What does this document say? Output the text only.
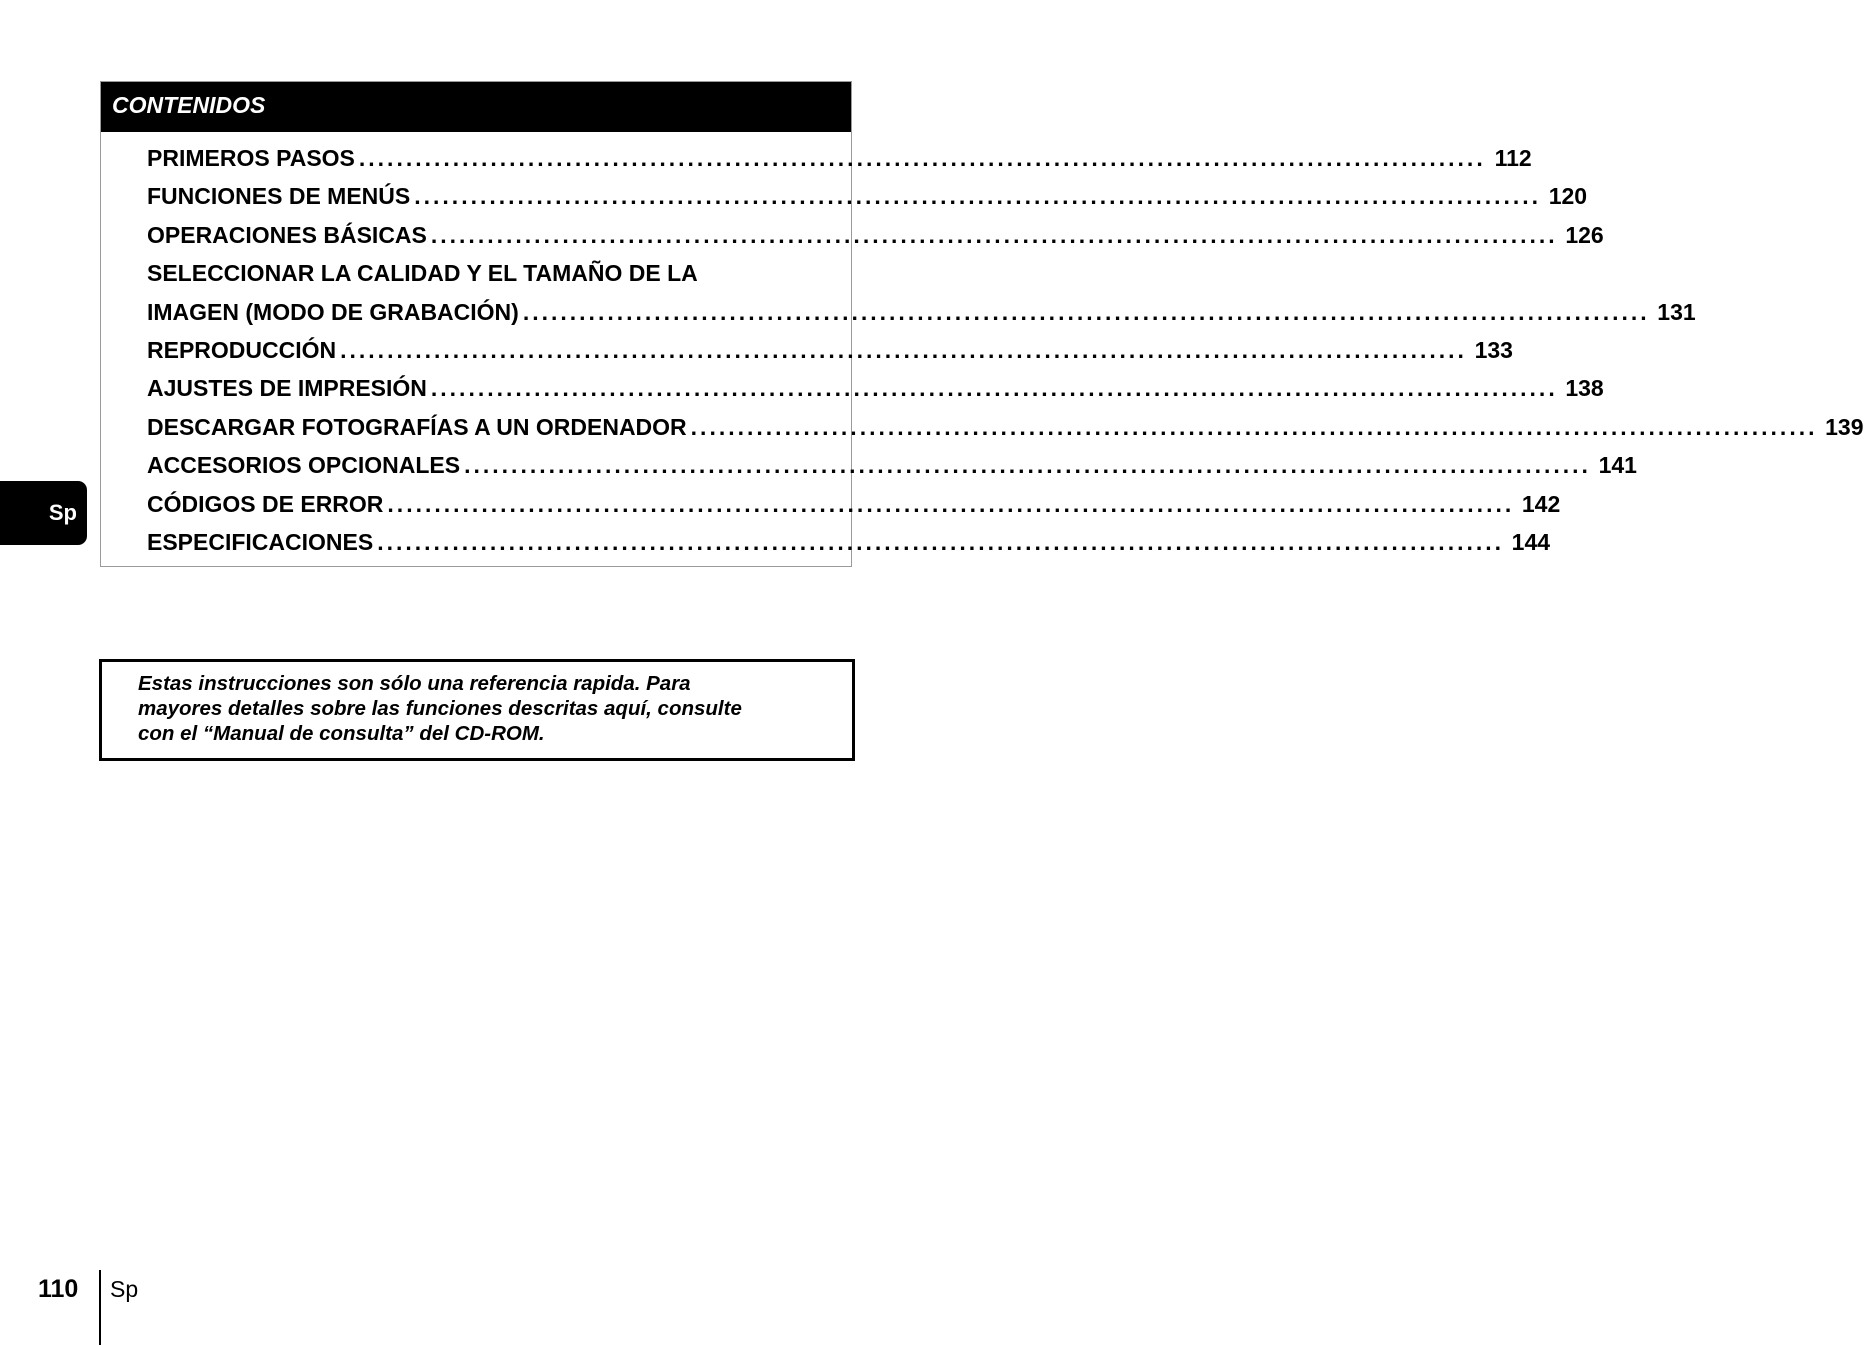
CONTENIDOS
PRIMEROS PASOS ........................................................................................................................ 112
FUNCIONES DE MENÚS ........................................................................................................................ 120
OPERACIONES BÁSICAS ........................................................................................................................ 126
SELECCIONAR LA CALIDAD Y EL TAMAÑO DE LA
IMAGEN (MODO DE GRABACIÓN) ........................................................................................................................ 131
REPRODUCCIÓN ........................................................................................................................ 133
AJUSTES DE IMPRESIÓN ........................................................................................................................ 138
DESCARGAR FOTOGRAFÍAS A UN ORDENADOR ........................................................................................................................ 139
ACCESORIOS OPCIONALES ........................................................................................................................ 141
CÓDIGOS DE ERROR ........................................................................................................................ 142
ESPECIFICACIONES ........................................................................................................................ 144
Sp
Estas instrucciones son sólo una referencia rapida. Para
mayores detalles sobre las funciones descritas aquí, consulte
con el “Manual de consulta” del CD-ROM.
110 Sp
